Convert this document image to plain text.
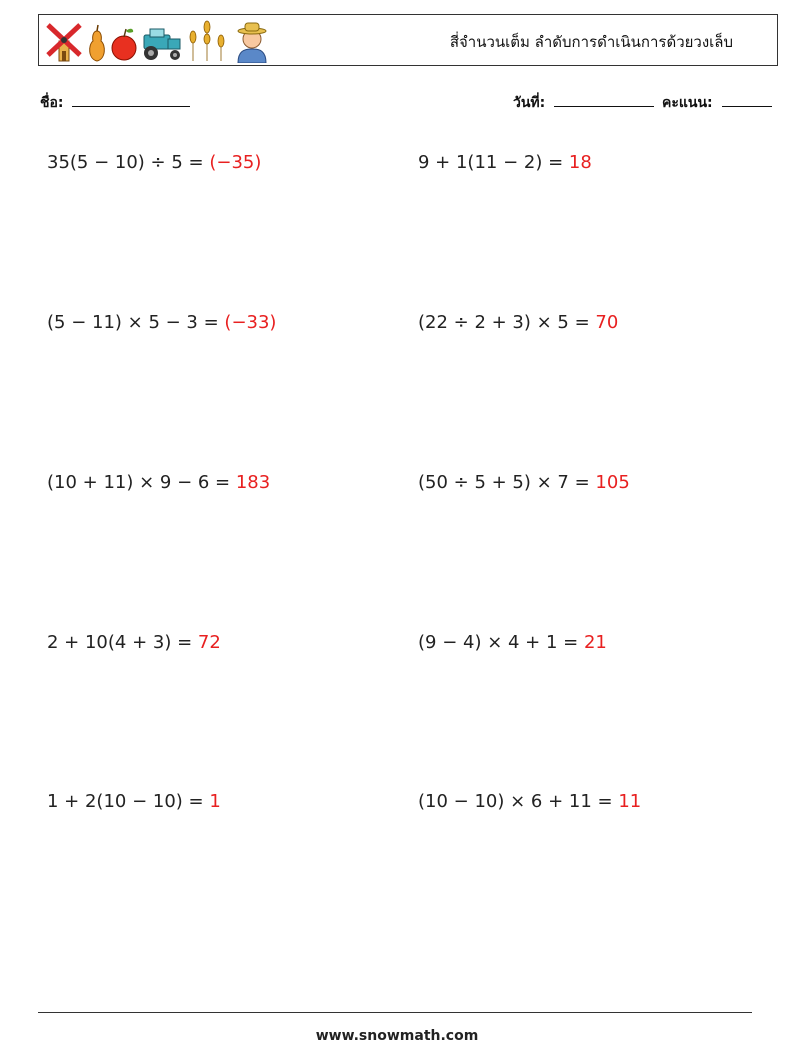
สี่จำนวนเต็ม ลำดับการดำเนินการด้วยวงเล็บ
ชื่อ:	วันที่:	คะแนน:
35(5 − 10) ÷ 5 = (−35)	9 + 1(11 − 2) = 18
(5 − 11) × 5 − 3 = (−33)	(22 ÷ 2 + 3) × 5 = 70
(10 + 11) × 9 − 6 = 183	(50 ÷ 5 + 5) × 7 = 105
2 + 10(4 + 3) = 72	(9 − 4) × 4 + 1 = 21
1 + 2(10 − 10) = 1	(10 − 10) × 6 + 11 = 11
www.snowmath.com
